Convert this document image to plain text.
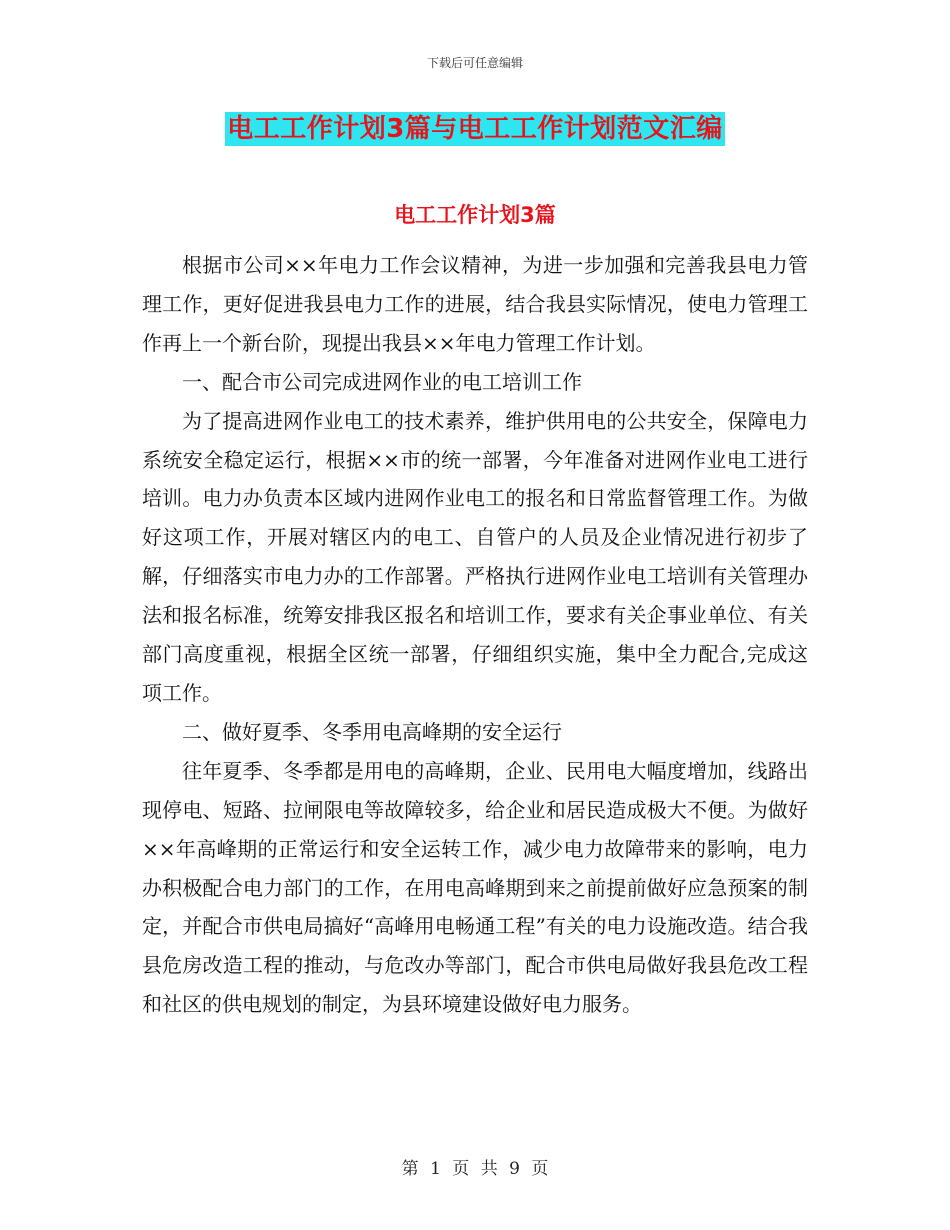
下载后可任意编辑
电工工作计划3篇与电工工作计划范文汇编
电工工作计划3篇

根据市公司××年电力工作会议精神，为进一步加强和完善我县电力管理工作，更好促进我县电力工作的进展，结合我县实际情况，使电力管理工作再上一个新台阶，现提出我县××年电力管理工作计划。

一、配合市公司完成进网作业的电工培训工作

为了提高进网作业电工的技术素养，维护供用电的公共安全，保障电力系统安全稳定运行，根据××市的统一部署，今年准备对进网作业电工进行培训。电力办负责本区域内进网作业电工的报名和日常监督管理工作。为做好这项工作，开展对辖区内的电工、自管户的人员及企业情况进行初步了解，仔细落实市电力办的工作部署。严格执行进网作业电工培训有关管理办法和报名标准，统筹安排我区报名和培训工作，要求有关企事业单位、有关部门高度重视，根据全区统一部署，仔细组织实施，集中全力配合,完成这项工作。

二、做好夏季、冬季用电高峰期的安全运行

往年夏季、冬季都是用电的高峰期，企业、民用电大幅度增加，线路出现停电、短路、拉闸限电等故障较多，给企业和居民造成极大不便。为做好××年高峰期的正常运行和安全运转工作，减少电力故障带来的影响，电力办积极配合电力部门的工作，在用电高峰期到来之前提前做好应急预案的制定，并配合市供电局搞好“高峰用电畅通工程”有关的电力设施改造。结合我县危房改造工程的推动，与危改办等部门，配合市供电局做好我县危改工程和社区的供电规划的制定，为县环境建设做好电力服务。

第 1 页 共 9 页
